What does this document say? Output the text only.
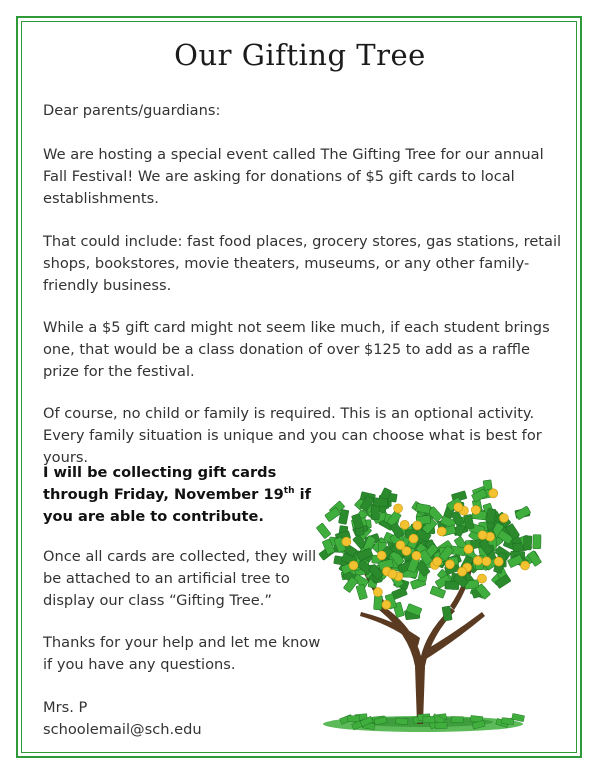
Our Gifting Tree

Dear parents/guardians:

We are hosting a special event called The Gifting Tree for our annual Fall Festival! We are asking for donations of $5 gift cards to local establishments.

That could include: fast food places, grocery stores, gas stations, retail shops, bookstores, movie theaters, museums, or any other family-friendly business.

While a $5 gift card might not seem like much, if each student brings one, that would be a class donation of over $125 to add as a raffle prize for the festival.

Of course, no child or family is required. This is an optional activity. Every family situation is unique and you can choose what is best for yours.

I will be collecting gift cards through Friday, November 19th if you are able to contribute.

Once all cards are collected, they will be attached to an artificial tree to display our class “Gifting Tree.”

Thanks for your help and let me know if you have any questions.

Mrs. P
schoolemail@sch.edu
